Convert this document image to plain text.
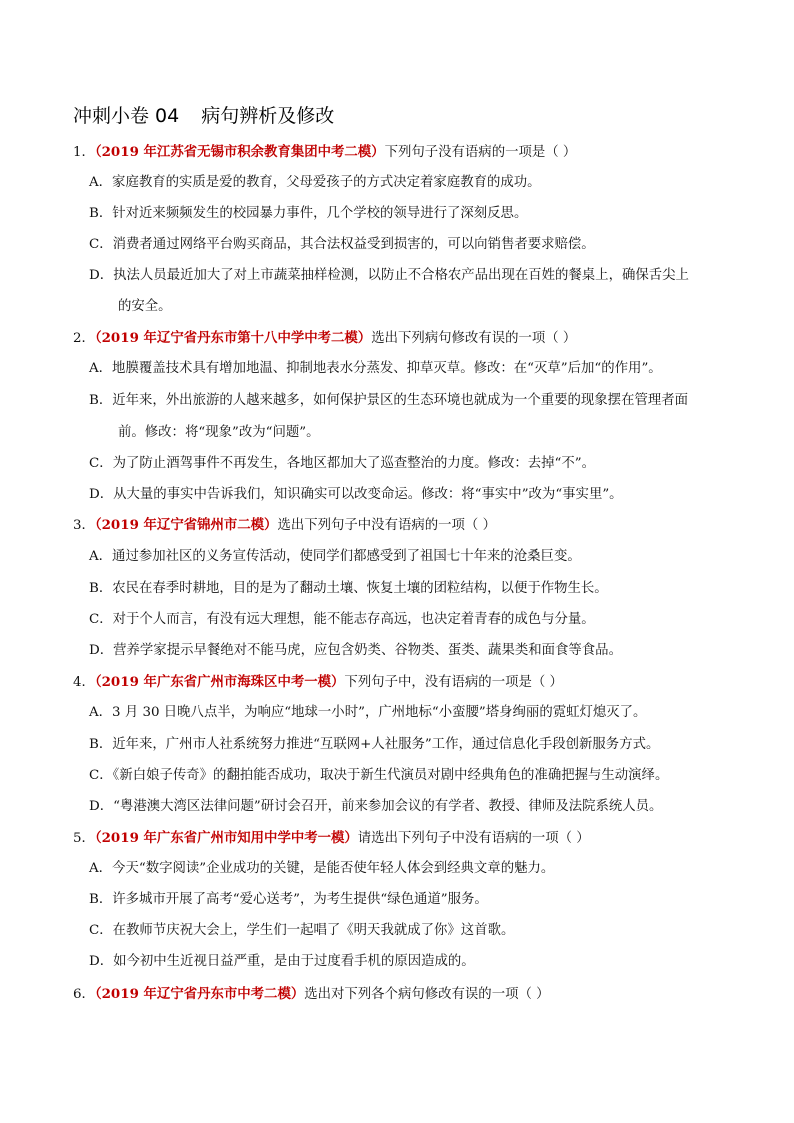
冲刺小卷 04 病句辨析及修改
1．（2019 年江苏省无锡市积余教育集团中考二模）下列句子没有语病的一项是（ ）
A．家庭教育的实质是爱的教育，父母爱孩子的方式决定着家庭教育的成功。
B．针对近来频频发生的校园暴力事件，几个学校的领导进行了深刻反思。
C．消费者通过网络平台购买商品，其合法权益受到损害的，可以向销售者要求赔偿。
D．执法人员最近加大了对上市蔬菜抽样检测，以防止不合格农产品出现在百姓的餐桌上，确保舌尖上
的安全。
2．（2019 年辽宁省丹东市第十八中学中考二模）选出下列病句修改有误的一项（ ）
A．地膜覆盖技术具有增加地温、抑制地表水分蒸发、抑草灭草。修改：在“灭草”后加“的作用”。
B．近年来，外出旅游的人越来越多，如何保护景区的生态环境也就成为一个重要的现象摆在管理者面
前。修改：将“现象”改为“问题”。
C．为了防止酒驾事件不再发生，各地区都加大了巡查整治的力度。修改：去掉“不”。
D．从大量的事实中告诉我们，知识确实可以改变命运。修改：将“事实中”改为“事实里”。
3．（2019 年辽宁省锦州市二模）选出下列句子中没有语病的一项（ ）
A．通过参加社区的义务宣传活动，使同学们都感受到了祖国七十年来的沧桑巨变。
B．农民在春季时耕地，目的是为了翻动土壤、恢复土壤的团粒结构，以便于作物生长。
C．对于个人而言，有没有远大理想，能不能志存高远，也决定着青春的成色与分量。
D．营养学家提示早餐绝对不能马虎，应包含奶类、谷物类、蛋类、蔬果类和面食等食品。
4．（2019 年广东省广州市海珠区中考一模）下列句子中，没有语病的一项是（ ）
A．3 月 30 日晚八点半，为响应“地球一小时”，广州地标“小蛮腰”塔身绚丽的霓虹灯熄灭了。
B．近年来，广州市人社系统努力推进“互联网+人社服务”工作，通过信息化手段创新服务方式。
C．《新白娘子传奇》的翻拍能否成功，取决于新生代演员对剧中经典角色的准确把握与生动演绎。
D．“粤港澳大湾区法律问题”研讨会召开，前来参加会议的有学者、教授、律师及法院系统人员。
5．（2019 年广东省广州市知用中学中考一模）请选出下列句子中没有语病的一项（ ）
A．今天“数字阅读”企业成功的关键，是能否使年轻人体会到经典文章的魅力。
B．许多城市开展了高考“爱心送考”，为考生提供“绿色通道”服务。
C．在教师节庆祝大会上，学生们一起唱了《明天我就成了你》这首歌。
D．如今初中生近视日益严重，是由于过度看手机的原因造成的。
6．（2019 年辽宁省丹东市中考二模）选出对下列各个病句修改有误的一项（ ）
